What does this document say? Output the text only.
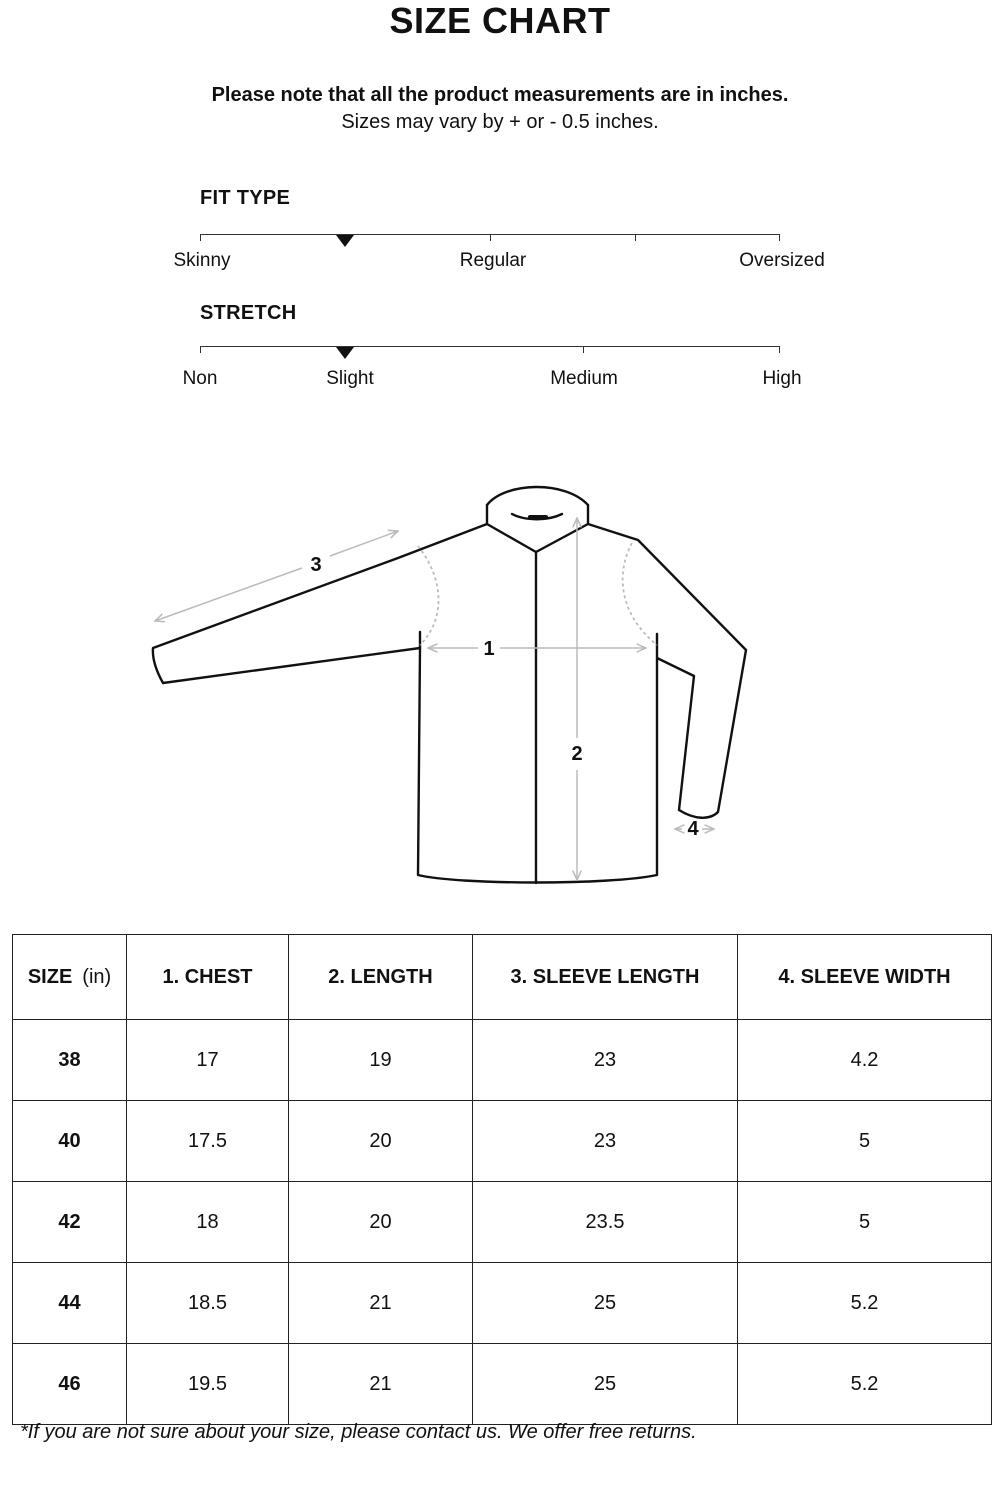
SIZE CHART
Please note that all the product measurements are in inches.
Sizes may vary by + or - 0.5 inches.
FIT TYPE
Skinny	Regular	Oversized
STRETCH
Non	Slight	Medium	High
1
2
3
4
SIZE (in)	1. CHEST	2. LENGTH	3. SLEEVE LENGTH	4. SLEEVE WIDTH
38	17	19	23	4.2
40	17.5	20	23	5
42	18	20	23.5	5
44	18.5	21	25	5.2
46	19.5	21	25	5.2
*If you are not sure about your size, please contact us. We offer free returns.
